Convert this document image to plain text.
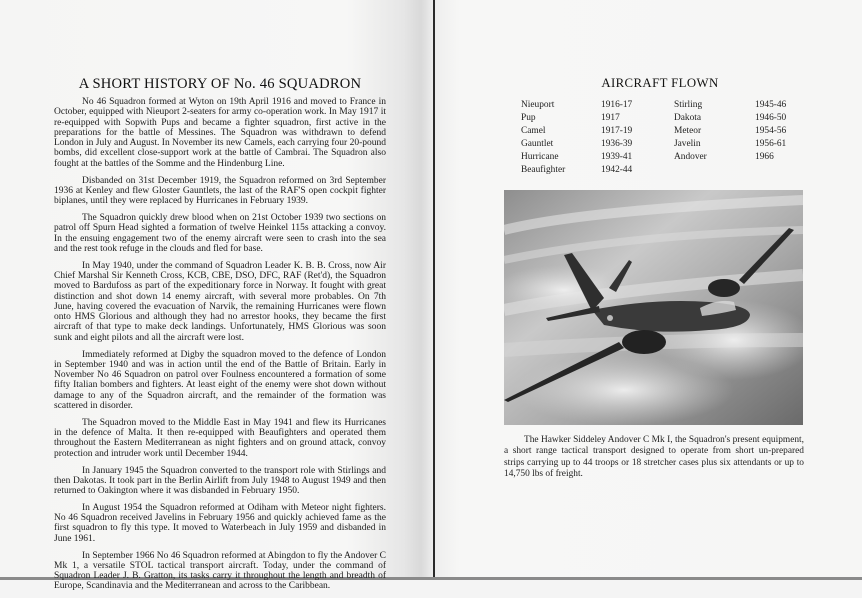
A SHORT HISTORY OF No. 46 SQUADRON

No 46 Squadron formed at Wyton on 19th April 1916 and moved to France in October, equipped with Nieuport 2-seaters for army co-operation work. In May 1917 it re-equipped with Sopwith Pups and became a fighter squadron, first active in the preparations for the battle of Messines. The Squadron was withdrawn to defend London in July and August. In November its new Camels, each carrying four 20-pound bombs, did excellent close-support work at the battle of Cambrai. The Squadron also fought at the battles of the Somme and the Hindenburg Line.

Disbanded on 31st December 1919, the Squadron reformed on 3rd September 1936 at Kenley and flew Gloster Gauntlets, the last of the RAF'S open cockpit fighter biplanes, until they were replaced by Hurricanes in February 1939.

The Squadron quickly drew blood when on 21st October 1939 two sections on patrol off Spurn Head sighted a formation of twelve Heinkel 115s attacking a convoy. In the ensuing engagement two of the enemy aircraft were seen to crash into the sea and the rest took refuge in the clouds and fled for base.

In May 1940, under the command of Squadron Leader K. B. B. Cross, now Air Chief Marshal Sir Kenneth Cross, KCB, CBE, DSO, DFC, RAF (Ret'd), the Squadron moved to Bardufoss as part of the expeditionary force in Norway. It fought with great distinction and shot down 14 enemy aircraft, with several more probables. On 7th June, having covered the evacuation of Narvik, the remaining Hurricanes were flown onto HMS Glorious and although they had no arrestor hooks, they became the first aircraft of that type to make deck landings. Unfortunately, HMS Glorious was soon sunk and eight pilots and all the aircraft were lost.

Immediately reformed at Digby the squadron moved to the defence of London in September 1940 and was in action until the end of the Battle of Britain. Early in November No 46 Squadron on patrol over Foulness encountered a formation of some fifty Italian bombers and fighters. At least eight of the enemy were shot down without damage to any of the Squadron aircraft, and the remainder of the formation was scattered in disorder.

The Squadron moved to the Middle East in May 1941 and flew its Hurricanes in the defence of Malta. It then re-equipped with Beaufighters and operated them throughout the Eastern Mediterranean as night fighters and on ground attack, convoy protection and intruder work until December 1944.

In January 1945 the Squadron converted to the transport role with Stirlings and then Dakotas. It took part in the Berlin Airlift from July 1948 to August 1949 and then returned to Oakington where it was disbanded in February 1950.

In August 1954 the Squadron reformed at Odiham with Meteor night fighters. No 46 Squadron received Javelins in February 1956 and quickly achieved fame as the first squadron to fly this type. It moved to Waterbeach in July 1959 and disbanded in June 1961.

In September 1966 No 46 Squadron reformed at Abingdon to fly the Andover C Mk 1, a versatile STOL tactical transport aircraft. Today, under the command of Squadron Leader J. B. Gratton, its tasks carry it throughout the length and breadth of Europe, Scandinavia and the Mediterranean and across to the Caribbean.

AIRCRAFT FLOWN
Nieuport	1916-17	Stirling	1945-46
Pup	1917	Dakota	1946-50
Camel	1917-19	Meteor	1954-56
Gauntlet	1936-39	Javelin	1956-61
Hurricane	1939-41	Andover	1966
Beaufighter	1942-44

The Hawker Siddeley Andover C Mk I, the Squadron's present equipment, a short range tactical transport designed to operate from short un-prepared strips carrying up to 44 troops or 18 stretcher cases plus six attendants or up to 14,750 lbs of freight.
